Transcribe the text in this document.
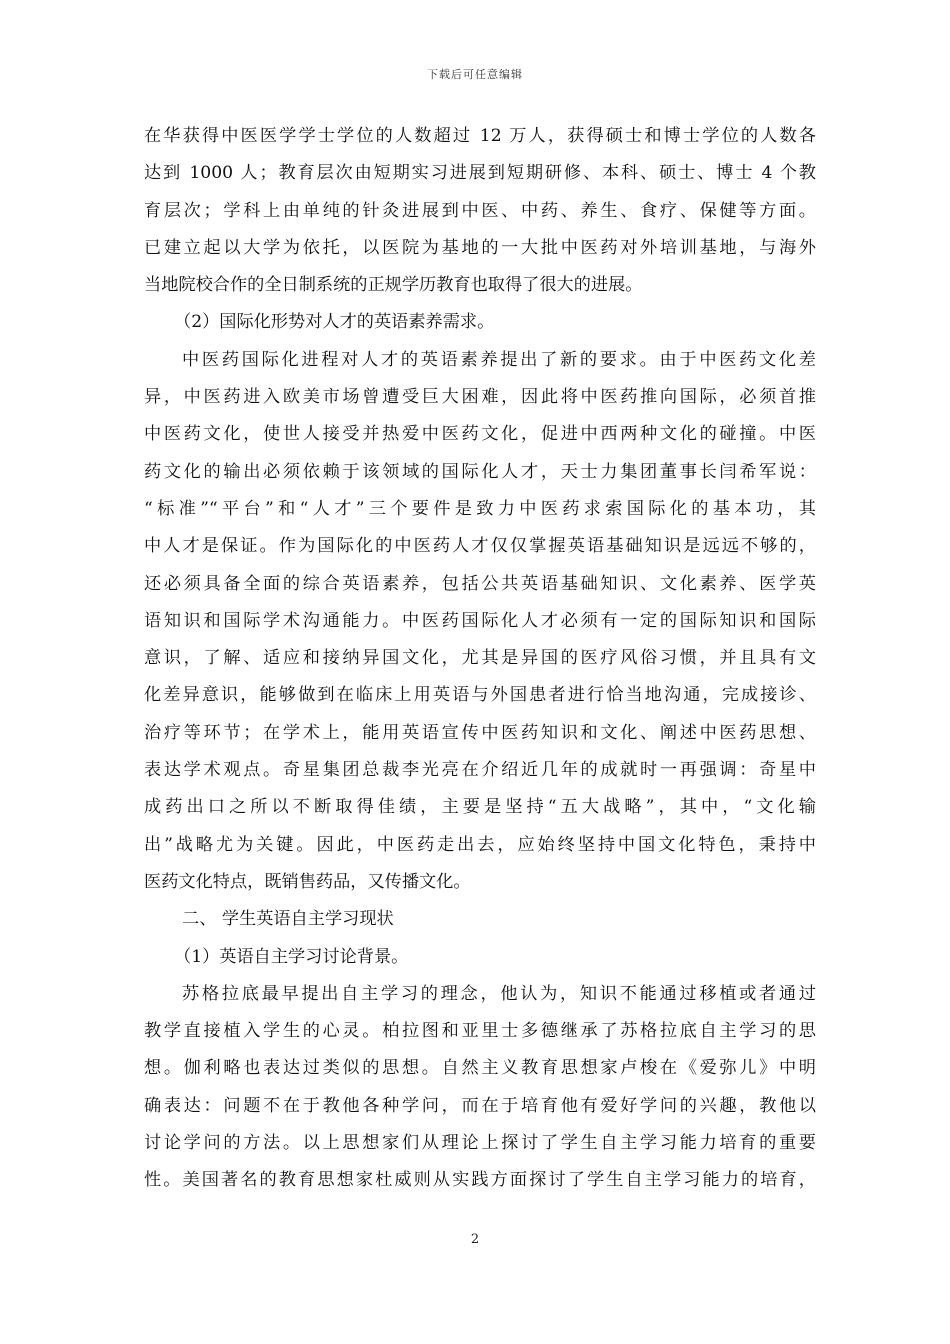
下载后可任意编辑
在华获得中医医学学士学位的人数超过 12 万人，获得硕士和博士学位的人数各
达到 1000 人；教育层次由短期实习进展到短期研修、本科、硕士、博士 4 个教
育层次；学科上由单纯的针灸进展到中医、中药、养生、食疗、保健等方面。
已建立起以大学为依托，以医院为基地的一大批中医药对外培训基地，与海外
当地院校合作的全日制系统的正规学历教育也取得了很大的进展。
（2）国际化形势对人才的英语素养需求。
中医药国际化进程对人才的英语素养提出了新的要求。由于中医药文化差
异，中医药进入欧美市场曾遭受巨大困难，因此将中医药推向国际，必须首推
中医药文化，使世人接受并热爱中医药文化，促进中西两种文化的碰撞。中医
药文化的输出必须依赖于该领域的国际化人才，天士力集团董事长闫希军说：
“标准”“平台”和“人才”三个要件是致力中医药求索国际化的基本功，其
中人才是保证。作为国际化的中医药人才仅仅掌握英语基础知识是远远不够的，
还必须具备全面的综合英语素养，包括公共英语基础知识、文化素养、医学英
语知识和国际学术沟通能力。中医药国际化人才必须有一定的国际知识和国际
意识，了解、适应和接纳异国文化，尤其是异国的医疗风俗习惯，并且具有文
化差异意识，能够做到在临床上用英语与外国患者进行恰当地沟通，完成接诊、
治疗等环节；在学术上，能用英语宣传中医药知识和文化、阐述中医药思想、
表达学术观点。奇星集团总裁李光亮在介绍近几年的成就时一再强调：奇星中
成药出口之所以不断取得佳绩，主要是坚持“五大战略”，其中，“文化输
出”战略尤为关键。因此，中医药走出去，应始终坚持中国文化特色，秉持中
医药文化特点，既销售药品，又传播文化。
二、 学生英语自主学习现状
（1）英语自主学习讨论背景。
苏格拉底最早提出自主学习的理念，他认为，知识不能通过移植或者通过
教学直接植入学生的心灵。柏拉图和亚里士多德继承了苏格拉底自主学习的思
想。伽利略也表达过类似的思想。自然主义教育思想家卢梭在《爱弥儿》中明
确表达：问题不在于教他各种学问，而在于培育他有爱好学问的兴趣，教他以
讨论学问的方法。以上思想家们从理论上探讨了学生自主学习能力培育的重要
性。美国著名的教育思想家杜威则从实践方面探讨了学生自主学习能力的培育，
2
